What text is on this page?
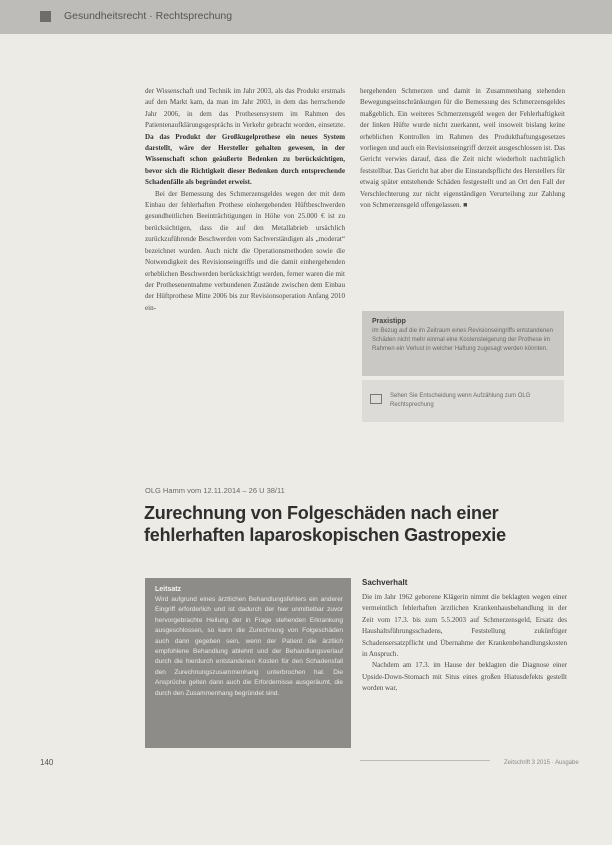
Gesundheitsrecht · Rechtsprechung

der Wissenschaft und Technik im Jahr 2003, als das Produkt erstmals auf den Markt kam, da man im Jahr 2003, in dem das herrschende Jahr 2006, in dem das Prothesensystem im Rahmen des Patientenaufklärungsgesprächs in Verkehr gebracht worden, einsetzte. Da das Produkt der Großkugelprothese ein neues System darstellt, wäre der Hersteller gehalten gewesen, in der Wissenschaft schon geäußerte Bedenken zu berücksichtigen, bevor sich die Richtigkeit dieser Bedenken durch entsprechende Schadenfälle als begründet erweist.

Bei der Bemessung des Schmerzensgeldes wegen der mit dem Einbau der fehlerhaften Prothese einhergehenden Hüftbeschwerden gesundheitlichen Beeinträchtigungen in Höhe von 25.000 € ist zu berücksichtigen, dass die auf den Metallabrieb ursächlich zurückzuführende Beschwerden vom Sachverständigen als „moderat“ bezeichnet wurden. Auch nicht die Operationsmethoden sowie die Notwendigkeit des Revisionseingriffs und die damit einhergehenden erheblichen Beschwerden berücksichtigt werden, ferner waren die mit der Prothesenentnahme verbundenen Zustände zwischen dem Einbau der Hüftprothese Mitte 2006 bis zur Revisionsoperation Anfang 2010 ein-

hergehenden Schmerzen und damit in Zusammenhang stehenden Bewegungseinschränkungen für die Bemessung des Schmerzensgeldes maßgeblich. Ein weiteres Schmerzensgeld wegen der Fehlerhaftigkeit der linken Hüfte wurde nicht zuerkannt, weil insoweit bislang keine erheblichen Kontrollen im Rahmen des Produkthaftungsgesetzes vorliegen und auch ein Revisionseingriff derzeit ausgeschlossen ist. Das Gericht verwies darauf, dass die Zeit nicht wiederholt nachträglich feststellbar. Das Gericht hat aber die Einstandspflicht des Herstellers für etwaig später entstehende Schäden festgestellt und an Ort den Fall der Verschlechterung zur nicht eigenständigen Verurteilung zur Zahlung von Schmerzensgeld offengelassen. ■

Praxistipp
Im Bezug auf die im Zeitraum eines Revisionseingriffs entstandenen Schäden nicht mehr einmal eine Kostensteigerung der Prothese im Rahmen ein Verlust in welcher Haftung zugesagt werden könnten.
Sehen Sie Entscheidung wenn Aufzählung zum OLG Rechtsprechung
OLG Hamm vom 12.11.2014 – 26 U 38/11
Zurechnung von Folgeschäden nach einer fehlerhaften laparoskopischen Gastropexie
Leitsatz
Wird aufgrund eines ärztlichen Behandlungsfehlers ein anderer Eingriff erforderlich und ist dadurch der hier unmittelbar zuvor hervorgebrachte Heilung der in Frage stehenden Erkrankung ausgeschlossen, so kann die Zurechnung von Folgeschäden auch dann gegeben sein, wenn der Patient die ärztlich empfohlene Behandlung ablehnt und der Behandlungsverlauf durch die hierdurch entstandenen Kosten für den Schadensfall den Zurechnungszusammenhang unterbrochen hat. Die Ansprüche gelten dann auch die Erfordernisse ausgeräumt, die durch den Zusammenhang begründet sind.
Sachverhalt

Die im Jahr 1962 geborene Klägerin nimmt die beklagten wegen einer vermeintlich fehlerhaften ärztlichen Krankenhausbehandlung in der Zeit vom 17.3. bis zum 5.5.2003 auf Schmerzensgeld, Ersatz des Haushaltsführungsschadens, Feststellung zukünftiger Schadensersatzpflicht und Übernahme der Krankenbehandlungskosten in Anspruch.

Nachdem am 17.3. im Hause der beklagten die Diagnose einer Upside-Down-Stomach mit Situs eines großen Hiatusdefekts gestellt worden war,

140	Zeitschrift 3 2015 · Ausgabe
